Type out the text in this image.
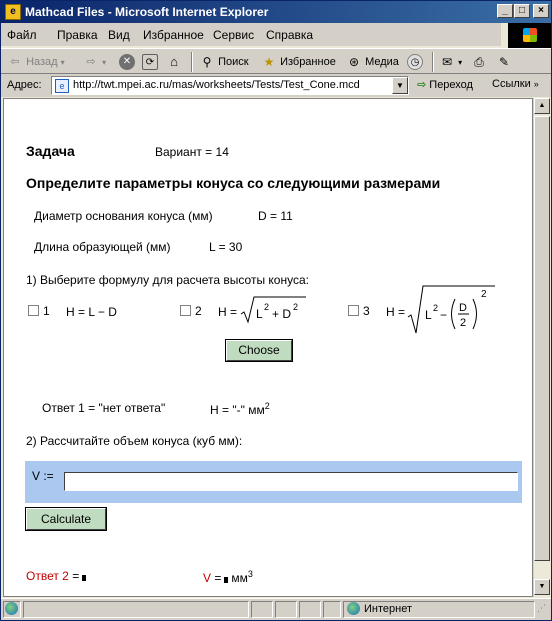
e Mathcad Files - Microsoft Internet Explorer	_	□	×
Файл Правка Вид Избранное Сервис Справка
⇦ Назад ▾	⇨ ▾	✕	⟳	⌂	⚲ Поиск ★ Избранное ⊛ Медиа	◷	✉ ▾ ⎙ ✎
Адрес:	e http://twt.mpei.ac.ru/mas/worksheets/Tests/Test_Cone.mcd	▼	⇨ Переход Ссылки »
Задача	Вариант = 14
Определите параметры конуса со следующими размерами
Диаметр основания конуса (мм)	D = 11
Длина образующей (мм)	L = 30
1) Выберите формулу для расчета высоты конуса:
1 H = L − D	2 H = L 2 + D 2	3 H = L 2 − D
2
2
Choose
Ответ 1 = "нет ответа"	H = "-" $мм^2$
2) Рассчитайте объем конуса (куб мм):
V :=
Calculate
Ответ 2 =	$V = мм^3$
▲
▼
Интернет	⋰
